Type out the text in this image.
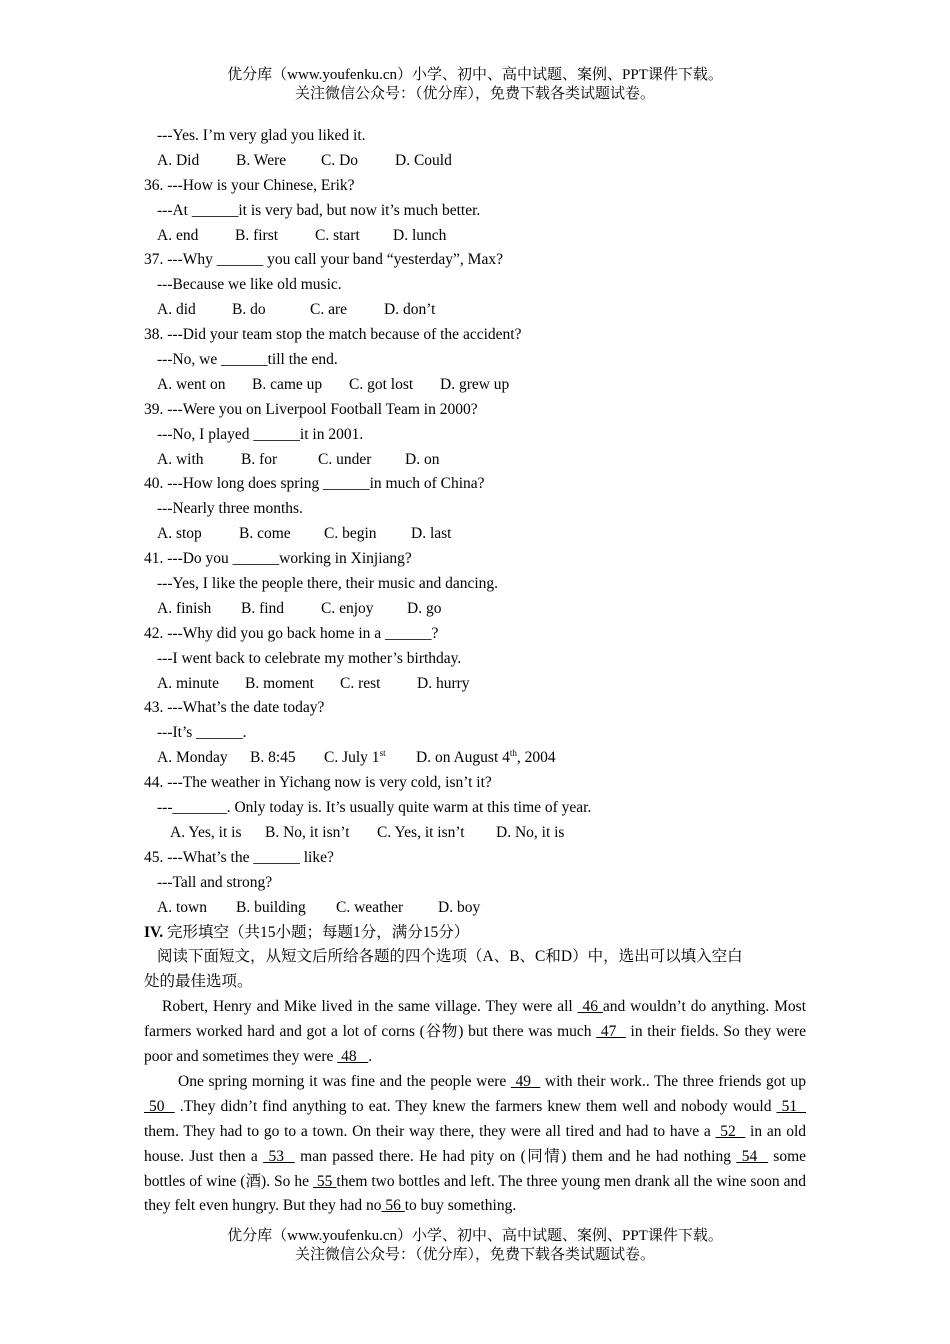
优分库（www.youfenku.cn）小学、初中、高中试题、案例、PPT课件下载。
关注微信公众号：（优分库），免费下载各类试题试卷。
---Yes. I’m very glad you liked it.
A. Did B. Were C. Do D. Could
36. ---How is your Chinese, Erik?
---At ______it is very bad, but now it’s much better.
A. end B. first C. start D. lunch
37. ---Why ______ you call your band “yesterday”, Max?
---Because we like old music.
A. did B. do	C. are D. don’t
38. ---Did your team stop the match because of the accident?
---No, we ______till the end.
A. went on B. came up C. got lost D. grew up
39. ---Were you on Liverpool Football Team in 2000?
---No, I played ______it in 2001.
A. with B. for	C. under D. on
40. ---How long does spring ______in much of China?
---Nearly three months.
A. stop B. come C. begin D. last
41. ---Do you ______working in Xinjiang?
---Yes, I like the people there, their music and dancing.
A. finish B. find C. enjoy D. go
42. ---Why did you go back home in a ______?
---I went back to celebrate my mother’s birthday.
A. minute B. moment C. rest D. hurry
43. ---What’s the date today?
---It’s ______.
A. Monday B. 8:45 C. July 1st D. on August 4th, 2004
44. ---The weather in Yichang now is very cold, isn’t it?
---_______. Only today is. It’s usually quite warm at this time of year.
A. Yes, it is B. No, it isn’t C. Yes, it isn’t D. No, it is
45. ---What’s the ______ like?
---Tall and strong?
A. town B. building C. weather D. boy
IV. 完形填空（共15小题；每题1分，满分15分）
阅读下面短文，从短文后所给各题的四个选项（A、B、C和D）中，选出可以填入空白
处的最佳选项。
Robert, Henry and Mike lived in the same village. They were all  46 and wouldn’t do anything. Most farmers worked hard and got a lot of corns (谷物) but there was much  47   in their fields. So they were poor and sometimes they were  48   .
One spring morning it was fine and the people were  49   with their work.. The three friends got up  50   .They didn’t find anything to eat. They knew the farmers knew them well and nobody would  51   them. They had to go to a town. On their way there, they were all tired and had to have a  52   in an old house. Just then a  53   man passed there. He had pity on (同情) them and he had nothing  54   some bottles of wine (酒). So he  55 them two bottles and left. The three young men drank all the wine soon and they felt even hungry. But they had no 56 to buy something.
优分库（www.youfenku.cn）小学、初中、高中试题、案例、PPT课件下载。
关注微信公众号：（优分库），免费下载各类试题试卷。
